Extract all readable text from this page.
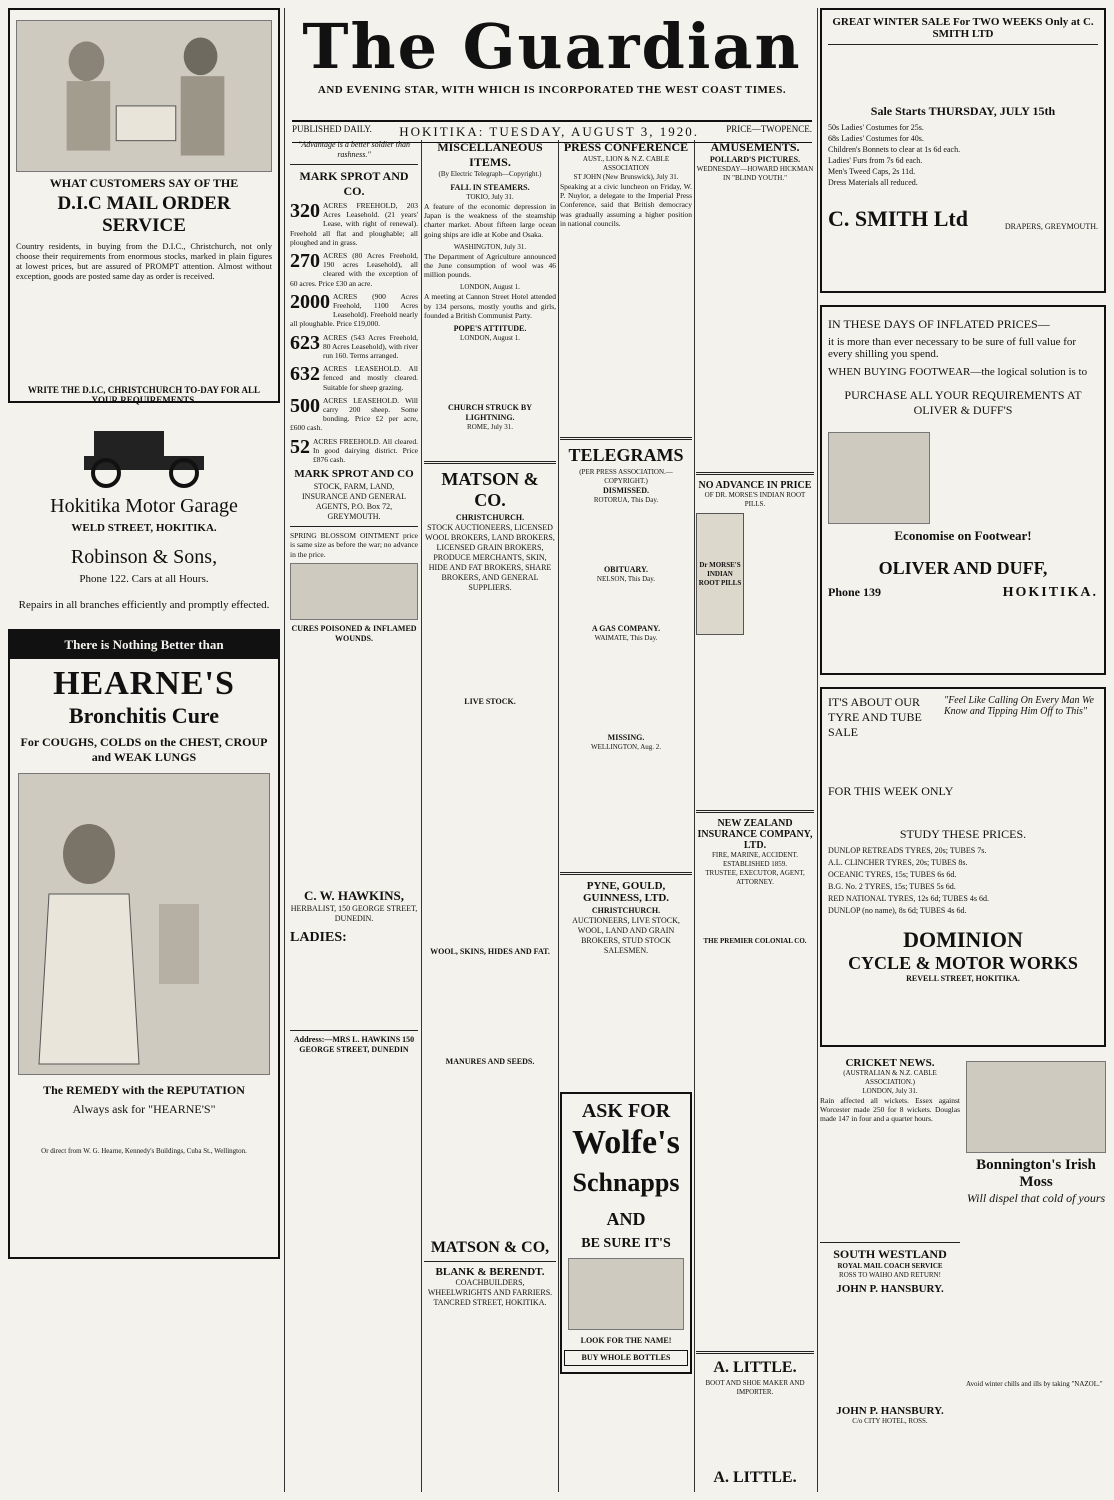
The Guardian
AND EVENING STAR, WITH WHICH IS INCORPORATED THE WEST COAST TIMES.
PUBLISHED DAILY. HOKITIKA: TUESDAY, AUGUST 3, 1920.	PRICE—TWOPENCE.
WHAT CUSTOMERS SAY OF THE
D.I.C MAIL ORDER SERVICE
Country residents, in buying from the D.I.C., Christchurch, not only choose their requirements from enormous stocks, marked in plain figures at lowest prices, but are assured of PROMPT attention. Almost without exception, goods are posted same day as order is received.

WRITE THE D.I.C, CHRISTCHURCH TO-DAY FOR ALL YOUR REQUIREMENTS.
Hokitika Motor Garage
WELD STREET, HOKITIKA.
Robinson & Sons,
Phone 122. Cars at all Hours.
Repairs in all branches efficiently and promptly effected.
There is Nothing Better than
HEARNE'S
Bronchitis Cure
For COUGHS, COLDS on the CHEST, CROUP and WEAK LUNGS
The REMEDY with the REPUTATION
Always ask for "HEARNE'S"
Or direct from W. G. Hearne, Kennedy's Buildings, Cuba St., Wellington.
"Advantage is a better soldier than rashness."
MARK SPROT AND CO.
320 ACRES FREEHOLD, 203 Acres Leasehold. (21 years' Lease, with right of renewal). Freehold all flat and ploughable; all ploughed and in grass.
270 ACRES (80 Acres Freehold, 190 acres Leasehold), all cleared with the exception of 60 acres. Price £30 an acre.
2000 ACRES (900 Acres Freehold, 1100 Acres Leasehold). Freehold nearly all ploughable. Price £19,000.
623 ACRES (543 Acres Freehold, 80 Acres Leasehold), with river run 160. Terms arranged.
632 ACRES LEASEHOLD. All fenced and mostly cleared. Suitable for sheep grazing.
500 ACRES LEASEHOLD. Will carry 200 sheep. Some bonding. Price £2 per acre, £600 cash.
52 ACRES FREEHOLD. All cleared. In good dairying district. Price £876 cash.
MARK SPROT AND CO
STOCK, FARM, LAND, INSURANCE AND GENERAL AGENTS, P.O. Box 72, GREYMOUTH.
SPRING BLOSSOM OINTMENT price is same size as before the war; no advance in the price.
CURES POISONED & INFLAMED WOUNDS.
C. W. HAWKINS,
HERBALIST, 150 GEORGE STREET, DUNEDIN.
LADIES:
Address:—MRS L. HAWKINS 150 GEORGE STREET, DUNEDIN
MISCELLANEOUS ITEMS.
(By Electric Telegraph—Copyright.)
FALL IN STEAMERS.
TOKIO, July 31.
A feature of the economic depression in Japan is the weakness of the steamship charter market. About fifteen large ocean going ships are idle at Kobe and Osaka.
WASHINGTON, July 31.
The Department of Agriculture announced the June consumption of wool was 46 million pounds.
LONDON, August 1.
A meeting at Cannon Street Hotel attended by 134 persons, mostly youths and girls, founded a British Communist Party.
POPE'S ATTITUDE.
LONDON, August 1.
CHURCH STRUCK BY LIGHTNING.
ROME, July 31.
MATSON & CO.
CHRISTCHURCH.
STOCK AUCTIONEERS, LICENSED WOOL BROKERS, LAND BROKERS, LICENSED GRAIN BROKERS, PRODUCE MERCHANTS, SKIN, HIDE AND FAT BROKERS, SHARE BROKERS, AND GENERAL SUPPLIERS.
LIVE STOCK.
WOOL, SKINS, HIDES AND FAT.
MANURES AND SEEDS.
MATSON & CO,
BLANK & BERENDT.
COACHBUILDERS, WHEELWRIGHTS AND FARRIERS.
TANCRED STREET, HOKITIKA.
PRESS CONFERENCE
AUST., LION & N.Z. CABLE ASSOCIATION
ST JOHN (New Brunswick), July 31.
Speaking at a civic luncheon on Friday, W. P. Nuylor, a delegate to the Imperial Press Conference, said that British democracy was gradually assuming a higher position in national councils.
TELEGRAMS
(PER PRESS ASSOCIATION.—COPYRIGHT.)
DISMISSED.
ROTORUA, This Day.
OBITUARY.
NELSON, This Day.
A GAS COMPANY.
WAIMATE, This Day.
MISSING.
WELLINGTON, Aug. 2.
PYNE, GOULD, GUINNESS, LTD.
CHRISTCHURCH.
AUCTIONEERS, LIVE STOCK, WOOL, LAND AND GRAIN BROKERS, STUD STOCK SALESMEN.
ASK FOR
Wolfe's
Schnapps
AND
BE SURE IT'S
LOOK FOR THE NAME!
BUY WHOLE BOTTLES
AMUSEMENTS.
POLLARD'S PICTURES.
WEDNESDAY—HOWARD HICKMAN IN "BLIND YOUTH."
NO ADVANCE IN PRICE
OF DR. MORSE'S INDIAN ROOT PILLS.
Dr MORSE'S INDIAN ROOT PILLS
NEW ZEALAND INSURANCE COMPANY, LTD.
FIRE, MARINE, ACCIDENT.
ESTABLISHED 1859.
TRUSTEE, EXECUTOR, AGENT, ATTORNEY.
THE PREMIER COLONIAL CO.
A. LITTLE.
BOOT AND SHOE MAKER AND IMPORTER.
A. LITTLE.
GREAT WINTER SALE For TWO WEEKS Only at C. SMITH LTD
Sale Starts THURSDAY, JULY 15th
50s Ladies' Costumes for 25s.
68s Ladies' Costumes for 40s.
Children's Bonnets to clear at 1s 6d each.
Ladies' Furs from 7s 6d each.
Men's Tweed Caps, 2s 11d.
Dress Materials all reduced.
C. SMITH Ltd	DRAPERS, GREYMOUTH.
IN THESE DAYS OF INFLATED PRICES—
it is more than ever necessary to be sure of full value for every shilling you spend.
WHEN BUYING FOOTWEAR—the logical solution is to
PURCHASE ALL YOUR REQUIREMENTS AT OLIVER & DUFF'S
Economise on Footwear!
OLIVER AND DUFF,
Phone 139	HOKITIKA.
IT'S ABOUT OUR TYRE AND TUBE SALE
"Feel Like Calling On Every Man We Know and Tipping Him Off to This"
FOR THIS WEEK ONLY
STUDY THESE PRICES.
DUNLOP RETREADS TYRES, 20s; TUBES 7s.
A.L. CLINCHER TYRES, 20s; TUBES 8s.
OCEANIC TYRES, 15s; TUBES 6s 6d.
B.G. No. 2 TYRES, 15s; TUBES 5s 6d.
RED NATIONAL TYRES, 12s 6d; TUBES 4s 6d.
DUNLOP (no name), 8s 6d; TUBES 4s 6d.
DOMINION
CYCLE & MOTOR WORKS
REVELL STREET, HOKITIKA.
CRICKET NEWS.
(AUSTRALIAN & N.Z. CABLE ASSOCIATION.)
LONDON, July 31.
Rain affected all wickets. Essex against Worcester made 250 for 8 wickets. Douglas made 147 in four and a quarter hours.
SOUTH WESTLAND
ROYAL MAIL COACH SERVICE
ROSS TO WAIHO AND RETURN!
JOHN P. HANSBURY.
JOHN P. HANSBURY.
C/o CITY HOTEL, ROSS.
Bonnington's Irish Moss
Will dispel that cold of yours
Avoid winter chills and ills by taking "NAZOL."
